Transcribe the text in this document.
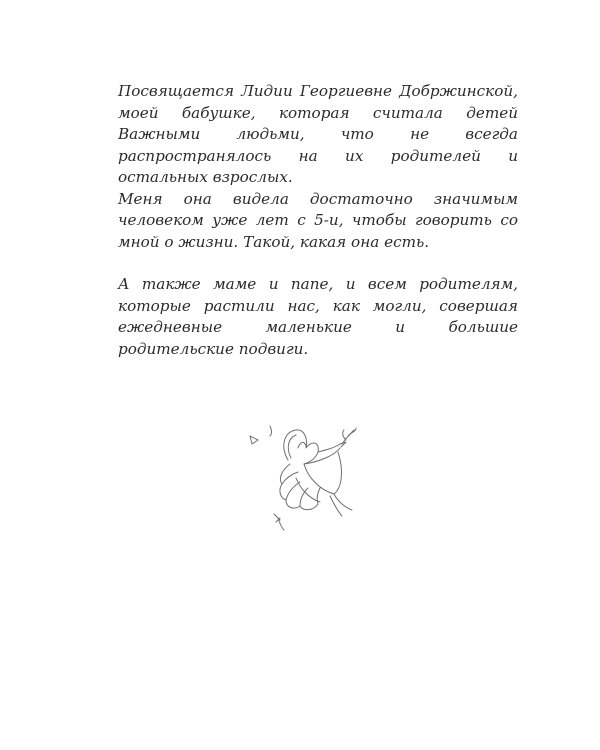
Посвящается Лидии Георгиевне Добржинской, моей бабушке, которая считала детей Важными людьми, что не всегда распространялось на их родителей и остальных взрослых.

Меня она видела достаточно значимым человеком уже лет с 5-и, чтобы говорить со мной о жизни. Такой, какая она есть.

А также маме и папе, и всем родителям, которые растили нас, как могли, совершая ежедневные маленькие и большие родительские подвиги.
